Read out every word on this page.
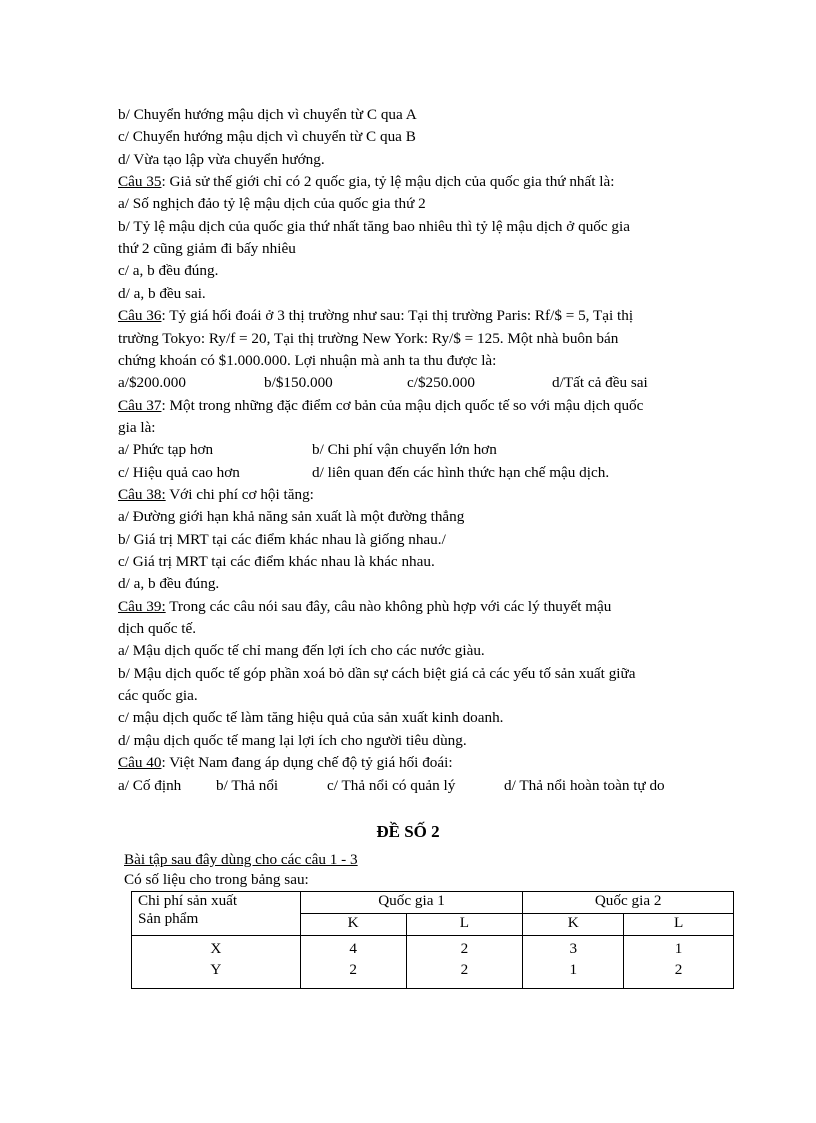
b/ Chuyển hướng mậu dịch vì chuyển từ C qua A
c/ Chuyển hướng mậu dịch vì chuyển từ C qua B
d/ Vừa tạo lập vừa chuyển hướng.
Câu 35: Giả sử thế giới chỉ có 2 quốc gia, tỷ lệ mậu dịch của quốc gia thứ nhất là:
a/ Số nghịch đảo tỷ lệ mậu dịch của quốc gia thứ 2
b/ Tỷ lệ mậu dịch của quốc gia thứ nhất tăng bao nhiêu thì tỷ lệ mậu dịch ở quốc gia
thứ 2 cũng giảm đi bấy nhiêu
c/ a, b đều đúng.
d/ a, b đều sai.
Câu 36: Tỷ giá hối đoái ở 3 thị trường như sau: Tại thị trường Paris: Rf/$ = 5, Tại thị
trường Tokyo: Ry/f = 20, Tại thị trường New York: Ry/$ = 125. Một nhà buôn bán
chứng khoán có $1.000.000. Lợi nhuận mà anh ta thu được là:
a/$200.000	b/$150.000	c/$250.000	d/Tất cả đều sai
Câu 37: Một trong những đặc điểm cơ bản của mậu dịch quốc tế so với mậu dịch quốc
gia là:
a/ Phức tạp hơn	b/ Chi phí vận chuyển lớn hơn
c/ Hiệu quả cao hơn	d/ liên quan đến các hình thức hạn chế mậu dịch.
Câu 38: Với chi phí cơ hội tăng:
a/ Đường giới hạn khả năng sản xuất là một đường thẳng
b/ Giá trị MRT tại các điểm khác nhau là giống nhau./
c/ Giá trị MRT tại các điểm khác nhau là khác nhau.
d/ a, b đều đúng.
Câu 39: Trong các câu nói sau đây, câu nào không phù hợp với các lý thuyết mậu
dịch quốc tế.
a/ Mậu dịch quốc tế chỉ mang đến lợi ích cho các nước giàu.
b/ Mậu dịch quốc tế góp phần xoá bỏ dần sự cách biệt giá cả các yếu tố sản xuất giữa
các quốc gia.
c/ mậu dịch quốc tế làm tăng hiệu quả của sản xuất kinh doanh.
d/ mậu dịch quốc tế mang lại lợi ích cho người tiêu dùng.
Câu 40: Việt Nam đang áp dụng chế độ tỷ giá hối đoái:
a/ Cố định b/ Thả nổi	c/ Thả nổi có quản lý	d/ Thả nổi hoàn toàn tự do
ĐỀ SỐ 2
Bài tập sau đây dùng cho các câu 1 - 3
Có số liệu cho trong bảng sau:
Chi phí sản xuất
Sản phẩm	Quốc gia 1		Quốc gia 2	
	K	L	K	L
X	4	2	3	1
Y	2	2	1	2
